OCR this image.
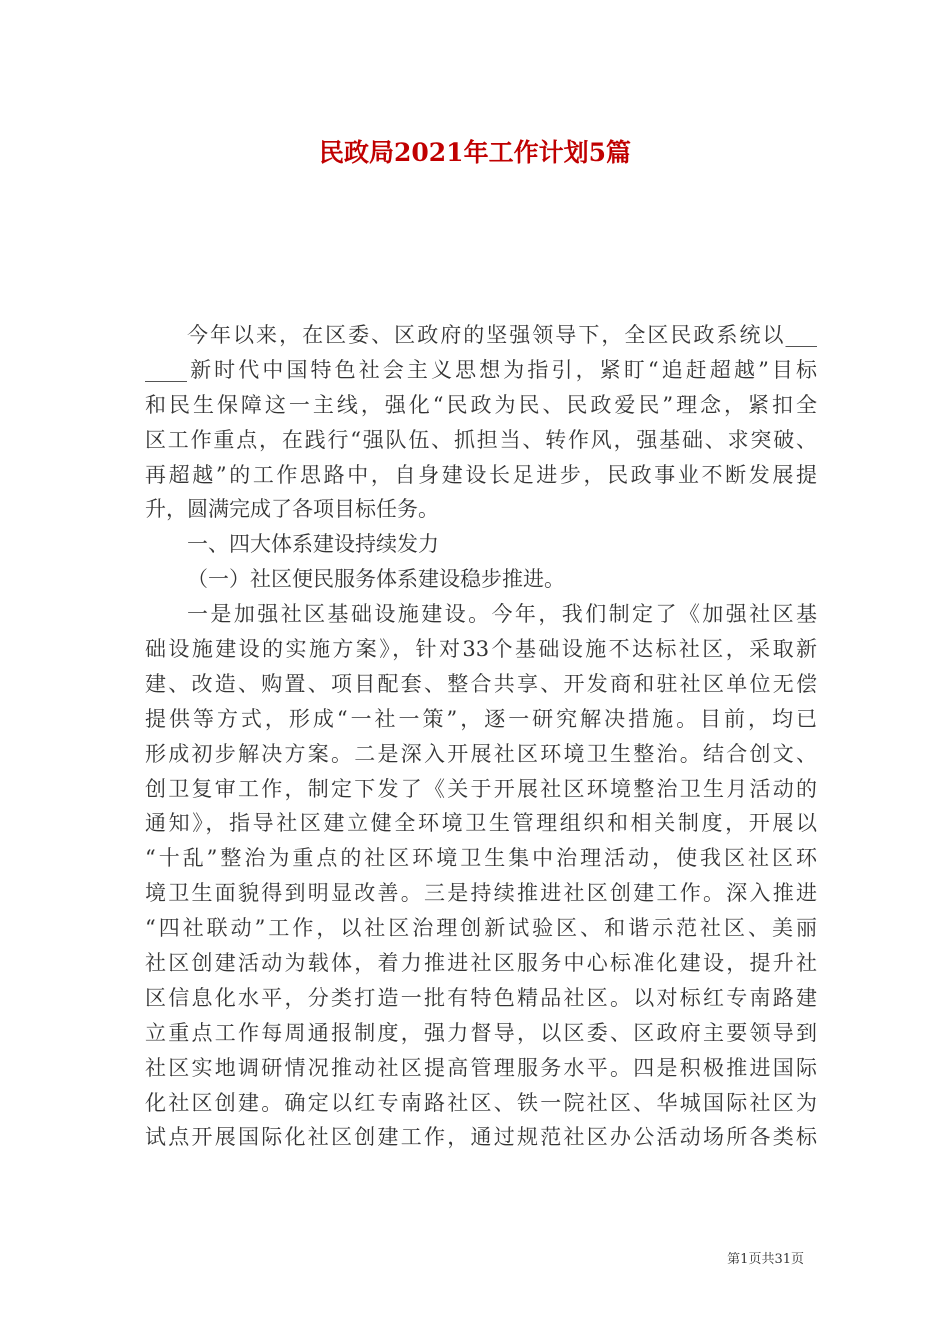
民政局2021年工作计划5篇
今年以来，在区委、区政府的坚强领导下，全区民政系统以___
____新时代中国特色社会主义思想为指引，紧盯“追赶超越”目标
和民生保障这一主线，强化“民政为民、民政爱民”理念，紧扣全
区工作重点，在践行“强队伍、抓担当、转作风，强基础、求突破、
再超越”的工作思路中，自身建设长足进步，民政事业不断发展提
升，圆满完成了各项目标任务。
一、四大体系建设持续发力
（一）社区便民服务体系建设稳步推进。
一是加强社区基础设施建设。今年，我们制定了《加强社区基
础设施建设的实施方案》，针对33个基础设施不达标社区，采取新
建、改造、购置、项目配套、整合共享、开发商和驻社区单位无偿
提供等方式，形成“一社一策”，逐一研究解决措施。目前，均已
形成初步解决方案。二是深入开展社区环境卫生整治。结合创文、
创卫复审工作，制定下发了《关于开展社区环境整治卫生月活动的
通知》，指导社区建立健全环境卫生管理组织和相关制度，开展以
“十乱”整治为重点的社区环境卫生集中治理活动，使我区社区环
境卫生面貌得到明显改善。三是持续推进社区创建工作。深入推进
“四社联动”工作，以社区治理创新试验区、和谐示范社区、美丽
社区创建活动为载体，着力推进社区服务中心标准化建设，提升社
区信息化水平，分类打造一批有特色精品社区。以对标红专南路建
立重点工作每周通报制度，强力督导，以区委、区政府主要领导到
社区实地调研情况推动社区提高管理服务水平。四是积极推进国际
化社区创建。确定以红专南路社区、铁一院社区、华城国际社区为
试点开展国际化社区创建工作，通过规范社区办公活动场所各类标
第1页共31页
